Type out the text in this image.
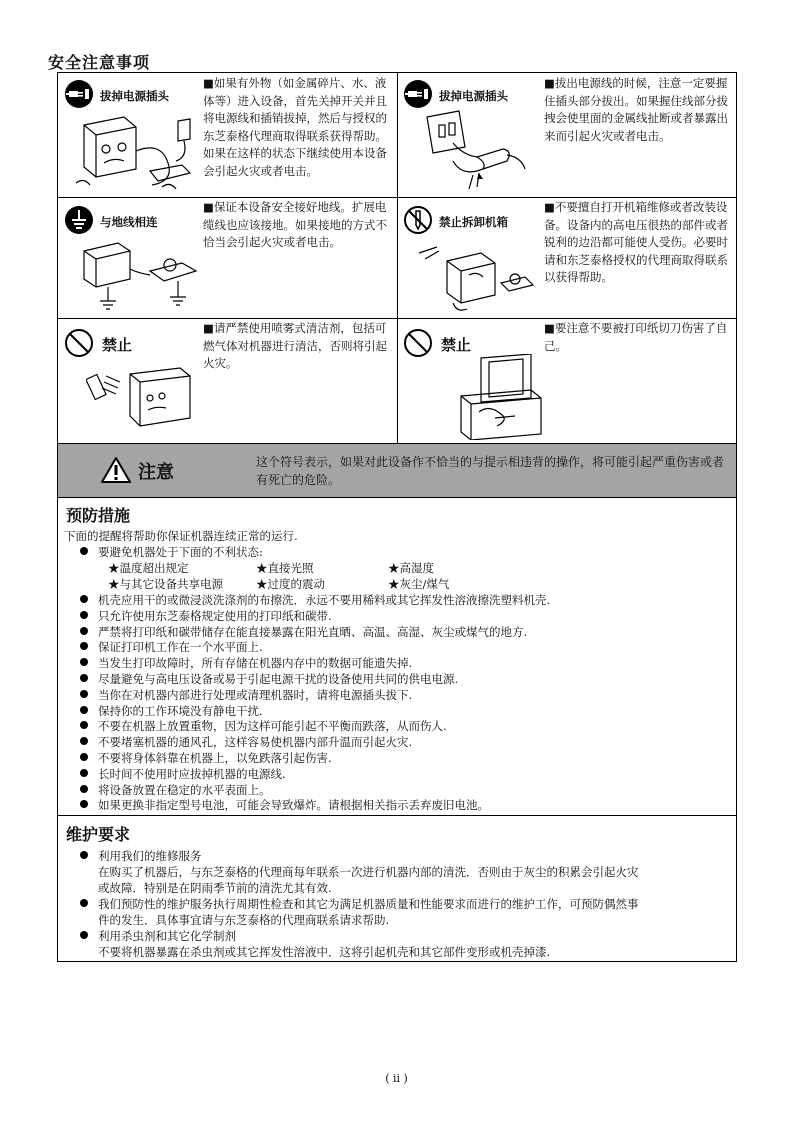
安全注意事项
拔掉电源插头
■如果有外物（如金属碎片、水、液体等）进入设备，首先关掉开关并且将电源线和插销拔掉，然后与授权的东芝泰格代理商取得联系获得帮助。如果在这样的状态下继续使用本设备会引起火灾或者电击。
拔掉电源插头
■拔出电源线的时候，注意一定要握住插头部分拔出。如果握住线部分拔拽会使里面的金属线扯断或者暴露出来而引起火灾或者电击。
与地线相连
■保证本设备安全接好地线。扩展电缆线也应该接地。如果接地的方式不恰当会引起火灾或者电击。
禁止拆卸机箱
■不要擅自打开机箱维修或者改装设备。设备内的高电压很热的部件或者锐利的边沿都可能使人受伤。必要时请和东芝泰格授权的代理商取得联系以获得帮助。
禁止
■请严禁使用喷雾式清洁剂，包括可燃气体对机器进行清洁，否则将引起火灾。
禁止
■要注意不要被打印纸切刀伤害了自己。
注意	这个符号表示，如果对此设备作不恰当的与提示相违背的操作，将可能引起严重伤害或者有死亡的危险。
预防措施
下面的提醒将帮助你保证机器连续正常的运行.
要避免机器处于下面的不利状态:
★温度超出规定	★直接光照	★高湿度
★与其它设备共享电源	★过度的震动	★灰尘/煤气
机壳应用干的或微浸淡洗涤剂的布擦洗．永远不要用稀料或其它挥发性溶液擦洗塑料机壳.
只允许使用东芝泰格规定使用的打印纸和碳带.
严禁将打印纸和碳带储存在能直接暴露在阳光直晒、高温、高湿、灰尘或煤气的地方.
保证打印机工作在一个水平面上.
当发生打印故障时，所有存储在机器内存中的数据可能遗失掉.
尽量避免与高电压设备或易于引起电源干扰的设备使用共同的供电电源.
当你在对机器内部进行处理或清理机器时，请将电源插头拔下.
保持你的工作环境没有静电干扰.
不要在机器上放置重物，因为这样可能引起不平衡而跌落，从而伤人.
不要堵塞机器的通风孔，这样容易使机器内部升温而引起火灾.
不要将身体斜靠在机器上，以免跌落引起伤害.
长时间不使用时应拔掉机器的电源线.
将设备放置在稳定的水平表面上。
如果更换非指定型号电池，可能会导致爆炸。请根据相关指示丢弃废旧电池。
维护要求
利用我们的维修服务
在购买了机器后，与东芝泰格的代理商每年联系一次进行机器内部的清洗．否则由于灰尘的积累会引起火灾
或故障．特别是在阴雨季节前的清洗尤其有效.
我们预防性的维护服务执行周期性检查和其它为满足机器质量和性能要求而进行的维护工作，可预防偶然事
件的发生．具体事宜请与东芝泰格的代理商联系请求帮助.
利用杀虫剂和其它化学制剂
不要将机器暴露在杀虫剂或其它挥发性溶液中．这将引起机壳和其它部件变形或机壳掉漆.
( ii )
